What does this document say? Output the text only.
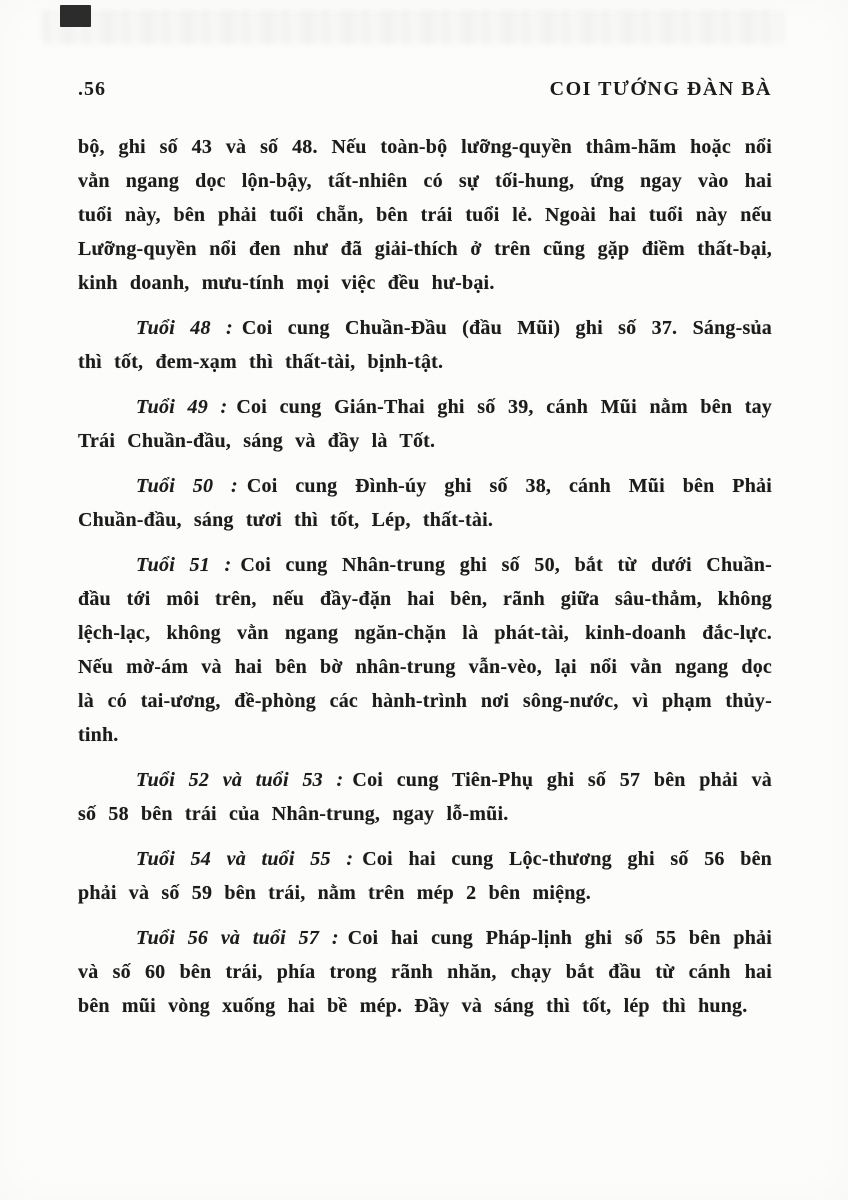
.56	COI TƯỚNG ĐÀN BÀ

bộ, ghi số 43 và số 48. Nếu toàn-bộ lưỡng-quyền thâm-hãm hoặc nổi vằn ngang dọc lộn-bậy, tất-nhiên có sự tối-hung, ứng ngay vào hai tuổi này, bên phải tuổi chẵn, bên trái tuổi lẻ. Ngoài hai tuổi này nếu Lưỡng-quyền nổi đen như đã giải-thích ở trên cũng gặp điềm thất-bại, kinh doanh, mưu-tính mọi việc đều hư-bại.

Tuổi 48 : Coi cung Chuần-Đầu (đầu Mũi) ghi số 37. Sáng-sủa thì tốt, đem-xạm thì thất-tài, bịnh-tật.

Tuổi 49 : Coi cung Gián-Thai ghi số 39, cánh Mũi nằm bên tay Trái Chuần-đầu, sáng và đầy là Tốt.

Tuổi 50 : Coi cung Đình-úy ghi số 38, cánh Mũi bên Phải Chuần-đầu, sáng tươi thì tốt, Lép, thất-tài.

Tuổi 51 : Coi cung Nhân-trung ghi số 50, bắt từ dưới Chuần-đầu tới môi trên, nếu đầy-đặn hai bên, rãnh giữa sâu-thẳm, không lệch-lạc, không vằn ngang ngăn-chặn là phát-tài, kinh-doanh đắc-lực. Nếu mờ-ám và hai bên bờ nhân-trung vẫn-vèo, lại nổi vằn ngang dọc là có tai-ương, đề-phòng các hành-trình nơi sông-nước, vì phạm thủy-tinh.

Tuổi 52 và tuổi 53 : Coi cung Tiên-Phụ ghi số 57 bên phải và số 58 bên trái của Nhân-trung, ngay lỗ-mũi.

Tuổi 54 và tuổi 55 : Coi hai cung Lộc-thương ghi số 56 bên phải và số 59 bên trái, nằm trên mép 2 bên miệng.

Tuổi 56 và tuổi 57 : Coi hai cung Pháp-lịnh ghi số 55 bên phải và số 60 bên trái, phía trong rãnh nhăn, chạy bắt đầu từ cánh hai bên mũi vòng xuống hai bề mép. Đầy và sáng thì tốt, lép thì hung.
